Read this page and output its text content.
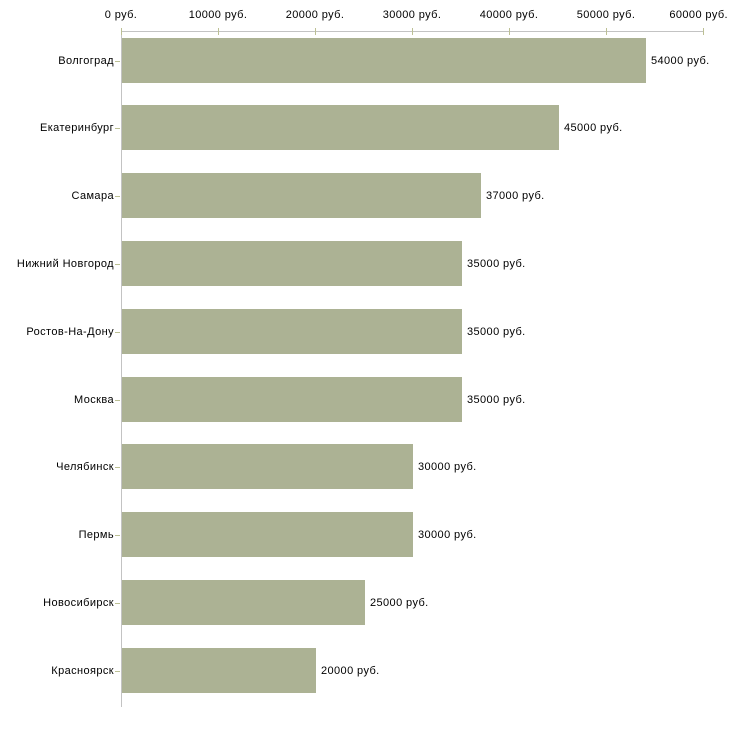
0 руб.	10000 руб.	20000 руб.	30000 руб.	40000 руб.	50000 руб.	60000 руб.
Волгоград	54000 руб.
Екатеринбург	45000 руб.
Самара	37000 руб.
Нижний Новгород	35000 руб.
Ростов-На-Дону	35000 руб.
Москва	35000 руб.
Челябинск	30000 руб.
Пермь	30000 руб.
Новосибирск	25000 руб.
Красноярск	20000 руб.
